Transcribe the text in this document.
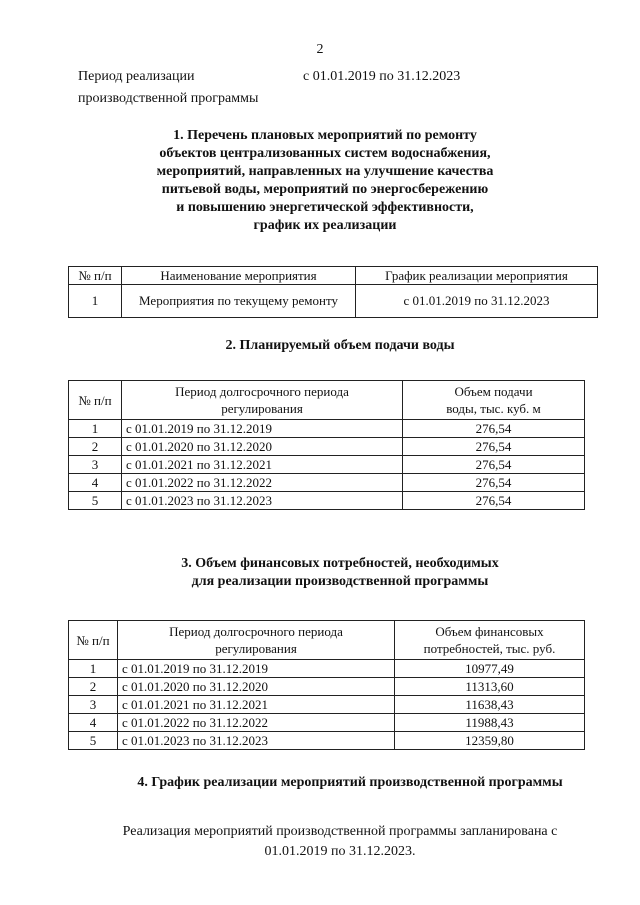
2
Период реализации
производственной программы
с 01.01.2019 по 31.12.2023
1. Перечень плановых мероприятий по ремонту
объектов централизованных систем водоснабжения,
мероприятий, направленных на улучшение качества
питьевой воды, мероприятий по энергосбережению
и повышению энергетической эффективности,
график их реализации
№ п/п	Наименование мероприятия	График реализации мероприятия
1	Мероприятия по текущему ремонту	с 01.01.2019 по 31.12.2023
2. Планируемый объем подачи воды
№ п/п	Период долгосрочного периода регулирования	Объем подачи воды, тыс. куб. м
1	с 01.01.2019 по 31.12.2019	276,54
2	с 01.01.2020 по 31.12.2020	276,54
3	с 01.01.2021 по 31.12.2021	276,54
4	с 01.01.2022 по 31.12.2022	276,54
5	с 01.01.2023 по 31.12.2023	276,54
3. Объем финансовых потребностей, необходимых
для реализации производственной программы
№ п/п	Период долгосрочного периода регулирования	Объем финансовых потребностей, тыс. руб.
1	с 01.01.2019 по 31.12.2019	10977,49
2	с 01.01.2020 по 31.12.2020	11313,60
3	с 01.01.2021 по 31.12.2021	11638,43
4	с 01.01.2022 по 31.12.2022	11988,43
5	с 01.01.2023 по 31.12.2023	12359,80
4. График реализации мероприятий производственной программы
Реализация мероприятий производственной программы запланирована с
01.01.2019 по 31.12.2023.
